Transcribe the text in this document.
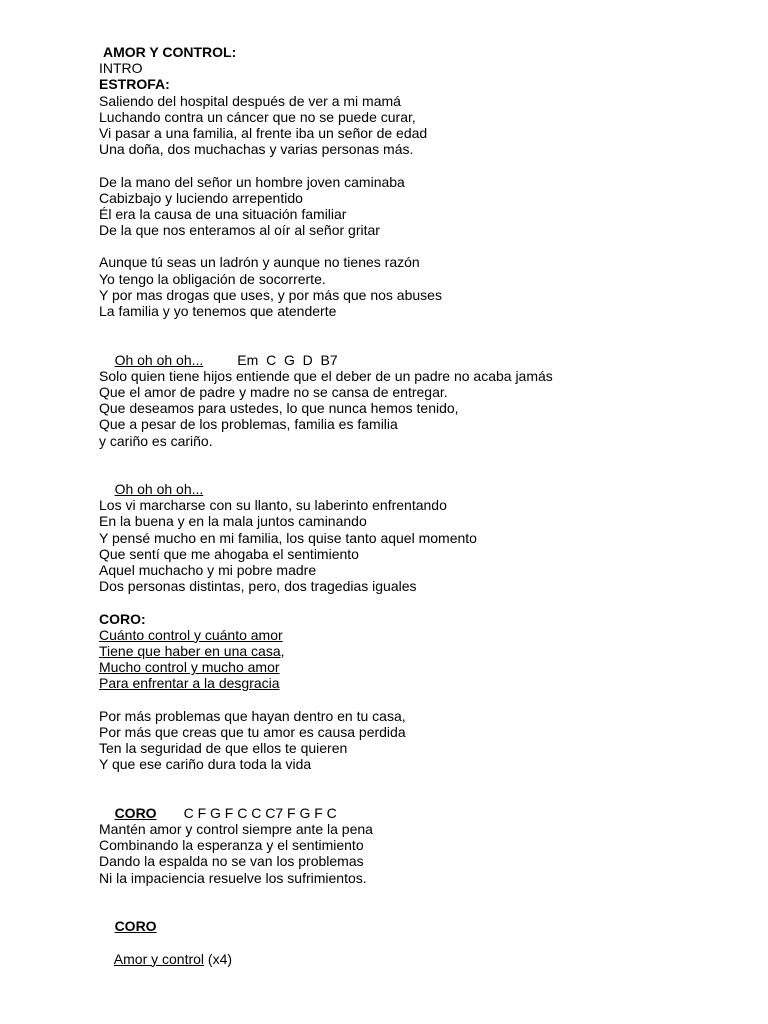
AMOR Y CONTROL:
INTRO
ESTROFA:
Saliendo del hospital después de ver a mi mamá
Luchando contra un cáncer que no se puede curar,
Vi pasar a una familia, al frente iba un señor de edad
Una doña, dos muchachas y varias personas más.
De la mano del señor un hombre joven caminaba
Cabizbajo y luciendo arrepentido
Él era la causa de una situación familiar
De la que nos enteramos al oír al señor gritar
Aunque tú seas un ladrón y aunque no tienes razón
Yo tengo la obligación de socorrerte.
Y por mas drogas que uses, y por más que nos abuses
La familia y yo tenemos que atenderte

Oh oh oh oh... Em  C  G  D  B7

Solo quien tiene hijos entiende que el deber de un padre no acaba jamás
Que el amor de padre y madre no se cansa de entregar.
Que deseamos para ustedes, lo que nunca hemos tenido,
Que a pesar de los problemas, familia es familia
y cariño es cariño.

Oh oh oh oh...

Los vi marcharse con su llanto, su laberinto enfrentando
En la buena y en la mala juntos caminando
Y pensé mucho en mi familia, los quise tanto aquel momento
Que sentí que me ahogaba el sentimiento
Aquel muchacho y mi pobre madre
Dos personas distintas, pero, dos tragedias iguales
CORO:
Cuánto control y cuánto amor
Tiene que haber en una casa,
Mucho control y mucho amor
Para enfrentar a la desgracia
Por más problemas que hayan dentro en tu casa,
Por más que creas que tu amor es causa perdida
Ten la seguridad de que ellos te quieren
Y que ese cariño dura toda la vida

CORO C F G F C C C7 F G F C

Mantén amor y control siempre ante la pena
Combinando la esperanza y el sentimiento
Dando la espalda no se van los problemas
Ni la impaciencia resuelve los sufrimientos.

CORO

Amor y control (x4)
